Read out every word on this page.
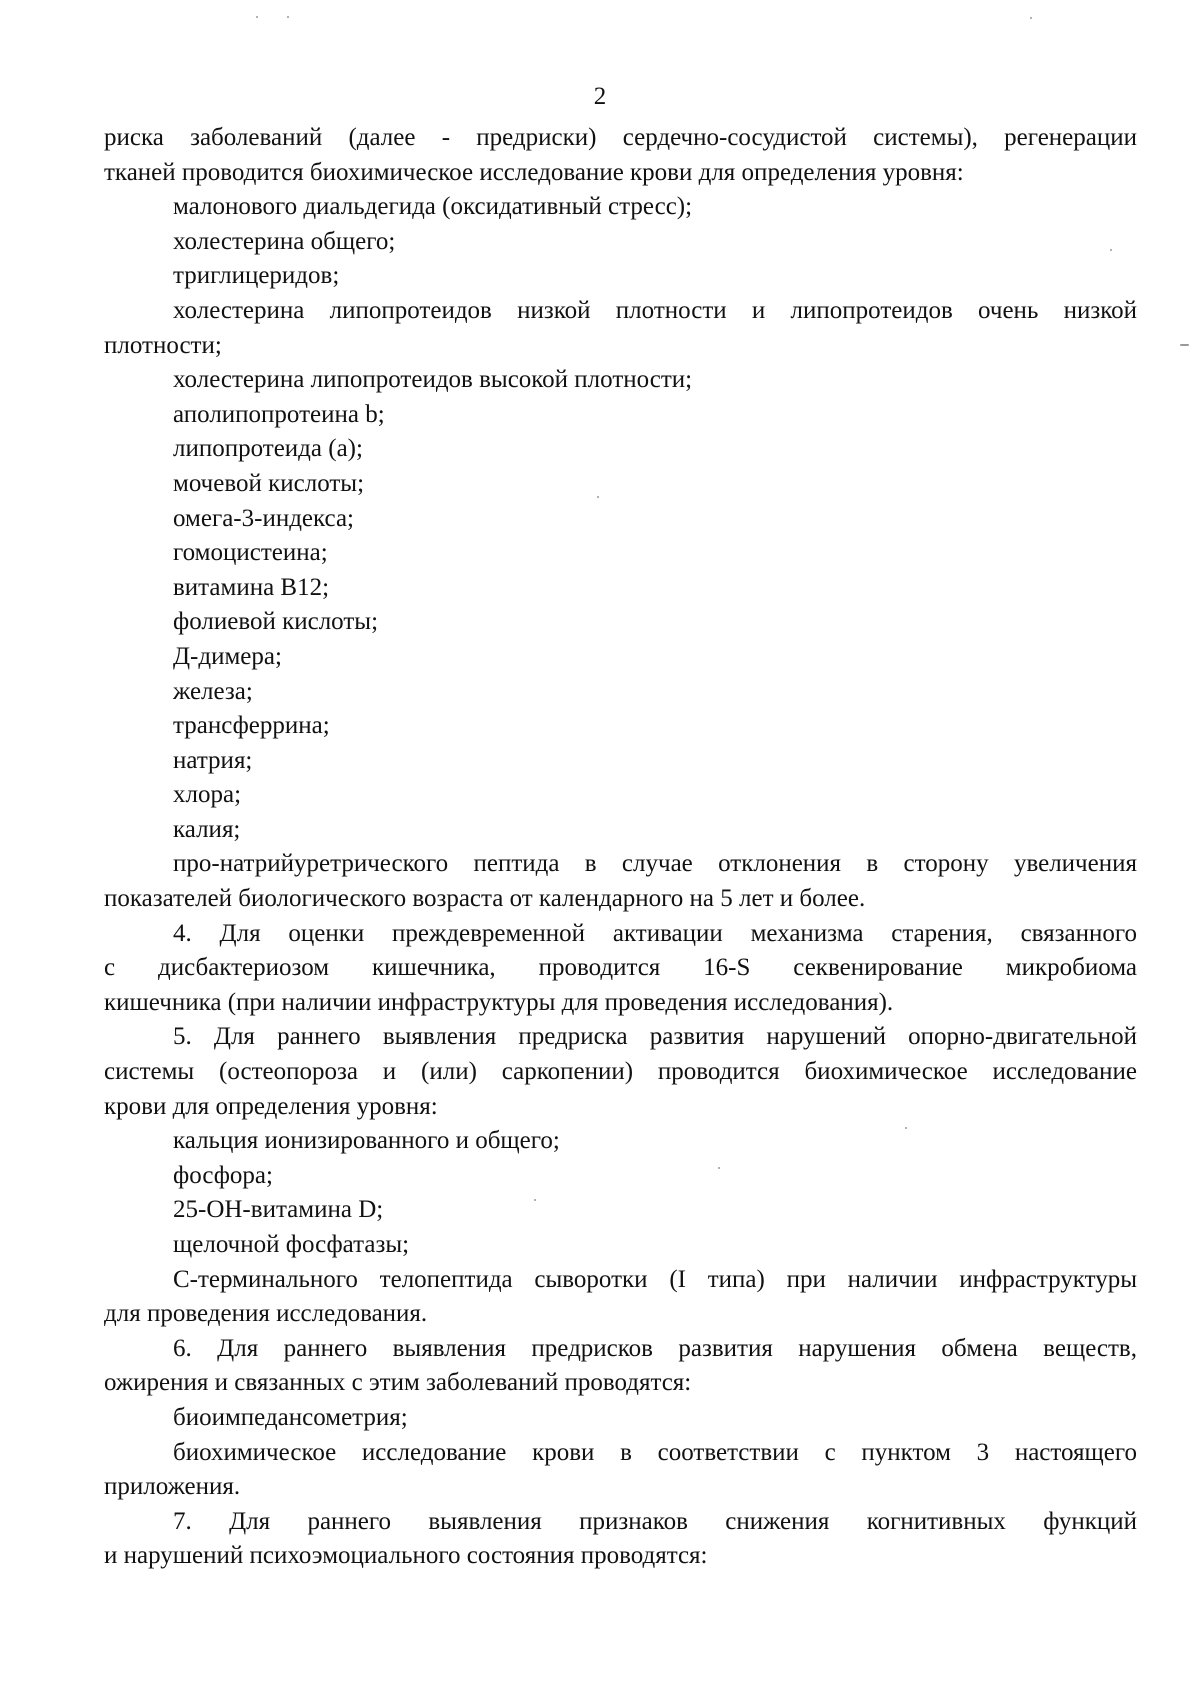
2

риска заболеваний (далее - предриски) сердечно-сосудистой системы), регенерации

тканей проводится биохимическое исследование крови для определения уровня:

малонового диальдегида (оксидативный стресс);

холестерина общего;

триглицеридов;

холестерина липопротеидов низкой плотности и липопротеидов очень низкой

плотности;

холестерина липопротеидов высокой плотности;

аполипопротеина b;

липопротеида (а);

мочевой кислоты;

омега-3-индекса;

гомоцистеина;

витамина B12;

фолиевой кислоты;

Д-димера;

железа;

трансферрина;

натрия;

хлора;

калия;

про-натрийуретрического пептида в случае отклонения в сторону увеличения

показателей биологического возраста от календарного на 5 лет и более.

4. Для оценки преждевременной активации механизма старения, связанного

с дисбактериозом кишечника, проводится 16-S секвенирование микробиома

кишечника (при наличии инфраструктуры для проведения исследования).

5. Для раннего выявления предриска развития нарушений опорно-двигательной

системы (остеопороза и (или) саркопении) проводится биохимическое исследование

крови для определения уровня:

кальция ионизированного и общего;

фосфора;

25-ОН-витамина D;

щелочной фосфатазы;

С-терминального телопептида сыворотки (I типа) при наличии инфраструктуры

для проведения исследования.

6. Для раннего выявления предрисков развития нарушения обмена веществ,

ожирения и связанных с этим заболеваний проводятся:

биоимпедансометрия;

биохимическое исследование крови в соответствии с пунктом 3 настоящего

приложения.

7. Для раннего выявления признаков снижения когнитивных функций

и нарушений психоэмоциального состояния проводятся:
